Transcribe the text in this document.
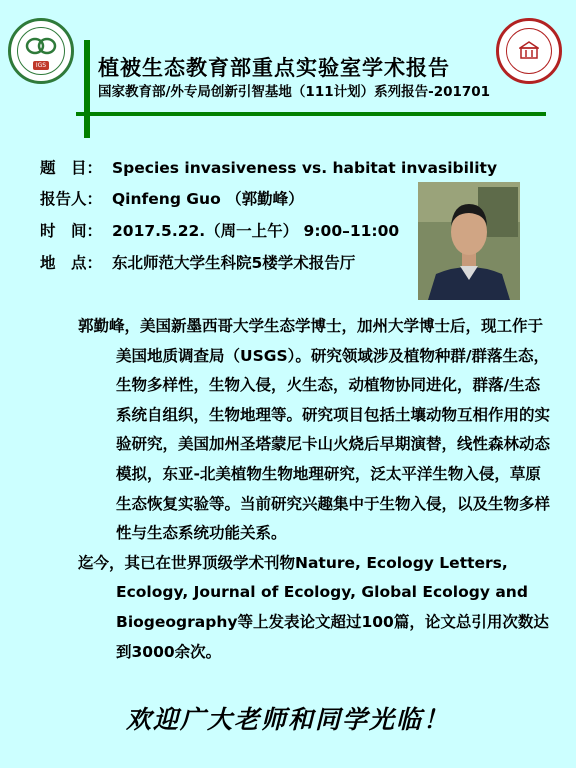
IGS 植被生态教育部重点实验室学术报告
国家教育部/外专局创新引智基地（111计划）系列报告-201701
题　目： Species invasiveness vs. habitat invasibility
报告人： Qinfeng Guo （郭勤峰）
时　间： 2017.5.22.（周一上午） 9:00–11:00
地　点： 东北师范大学生科院5楼学术报告厅

郭勤峰，美国新墨西哥大学生态学博士，加州大学博士后，现工作于美国地质调查局（USGS）。研究领域涉及植物种群/群落生态，生物多样性，生物入侵，火生态，动植物协同进化，群落/生态系统自组织，生物地理等。研究项目包括土壤动物互相作用的实验研究，美国加州圣塔蒙尼卡山火烧后早期演替，线性森林动态模拟，东亚-北美植物生物地理研究，泛太平洋生物入侵，草原生态恢复实验等。当前研究兴趣集中于生物入侵，以及生物多样性与生态系统功能关系。

迄今，其已在世界顶级学术刊物Nature, Ecology Letters, Ecology, Journal of Ecology, Global Ecology and Biogeography等上发表论文超过100篇，论文总引用次数达到3000余次。

欢迎广大老师和同学光临！
